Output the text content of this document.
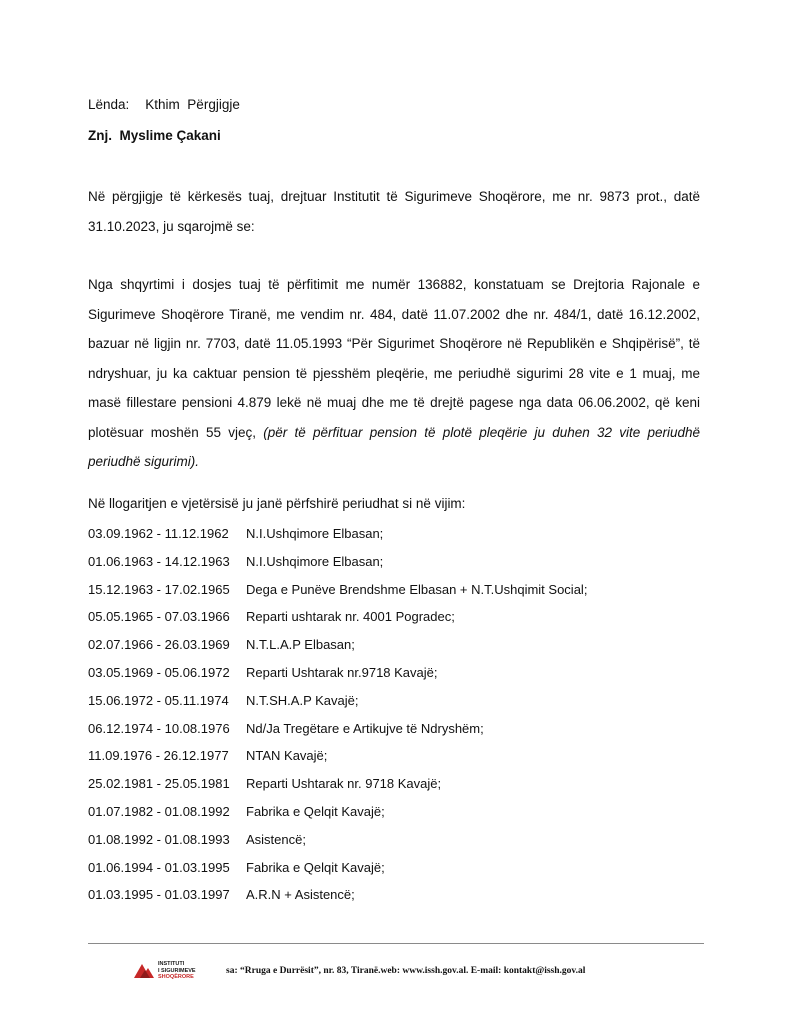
Lënda: Kthim  Përgjigje
Znj.  Myslime Çakani
Në përgjigje të kërkesës tuaj, drejtuar Institutit të Sigurimeve Shoqërore, me nr. 9873 prot., datë 31.10.2023, ju sqarojmë se:
Nga shqyrtimi i dosjes tuaj të përfitimit me numër 136882, konstatuam se Drejtoria Rajonale e Sigurimeve Shoqërore Tiranë, me vendim nr. 484, datë 11.07.2002 dhe nr. 484/1, datë 16.12.2002, bazuar në ligjin nr. 7703, datë 11.05.1993 “Për Sigurimet Shoqërore në Republikën e Shqipërisë”, të ndryshuar, ju ka caktuar pension të pjesshëm pleqërie, me periudhë sigurimi 28 vite e 1 muaj, me masë fillestare pensioni 4.879 lekë në muaj dhe me të drejtë pagese nga data 06.06.2002, që keni plotësuar moshën 55 vjeç, (për të përfituar pension të plotë pleqërie ju duhen 32 vite periudhë periudhë sigurimi).
Në llogaritjen e vjetërsisë ju janë përfshirë periudhat si në vijim:
03.09.1962 - 11.12.1962 N.I.Ushqimore Elbasan;
01.06.1963 - 14.12.1963 N.I.Ushqimore Elbasan;
15.12.1963 - 17.02.1965 Dega e Punëve Brendshme Elbasan + N.T.Ushqimit Social;
05.05.1965 - 07.03.1966 Reparti ushtarak nr. 4001 Pogradec;
02.07.1966 - 26.03.1969 N.T.L.A.P Elbasan;
03.05.1969 - 05.06.1972 Reparti Ushtarak nr.9718 Kavajë;
15.06.1972 - 05.11.1974 N.T.SH.A.P Kavajë;
06.12.1974 - 10.08.1976 Nd/Ja Tregëtare e Artikujve të Ndryshëm;
11.09.1976 - 26.12.1977 NTAN Kavajë;
25.02.1981 - 25.05.1981 Reparti Ushtarak nr. 9718 Kavajë;
01.07.1982 - 01.08.1992 Fabrika e Qelqit Kavajë;
01.08.1992 - 01.08.1993 Asistencë;
01.06.1994 - 01.03.1995 Fabrika e Qelqit Kavajë;
01.03.1995 - 01.03.1997 A.R.N + Asistencë;
INSTITUTI
I SIGURIMEVE
SHOQËRORE
sa: “Rruga e Durrësit”, nr. 83, Tiranë.web: www.issh.gov.al. E-mail: kontakt@issh.gov.al
